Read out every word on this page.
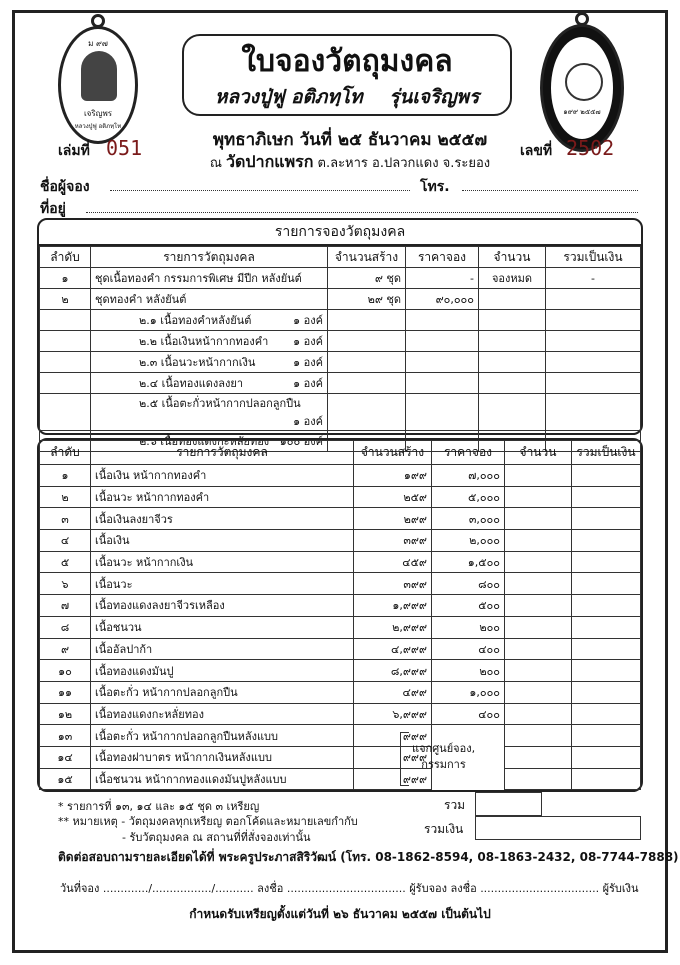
ม ๙๗
เจริญพร
หลวงปู่ฟู อติภทฺโท
๑๙๙ ๒๕๕๗
ใบจองวัตถุมงคล
หลวงปู่ฟู อติภทฺโท รุ่นเจริญพร
เล่มที่ 051	เลขที่ 2502
พุทธาภิเษก วันที่ ๒๕ ธันวาคม ๒๕๕๗
ณ วัดปากแพรก ต.ละหาร อ.ปลวกแดง จ.ระยอง
ชื่อผู้จอง	โทร.
ที่อยู่
รายการจองวัตถุมงคล
ลำดับ	รายการวัตถุมงคล	จำนวนสร้าง	ราคาจอง	จำนวน	รวมเป็นเงิน
๑	ชุดเนื้อทองคำ กรรมการพิเศษ มีปีก หลังยันต์	๙ ชุด	-	จองหมด	-
๒	ชุดทองคำ หลังยันต์	๒๙ ชุด	๙๐,๐๐๐		
	๒.๑ เนื้อทองคำหลังยันต์ ๑ องค์				

	๒.๒ เนื้อเงินหน้ากากทองคำ ๑ องค์				

	๒.๓ เนื้อนวะหน้ากากเงิน ๑ องค์				

	๒.๔ เนื้อทองแดงลงยา ๑ องค์				

	๒.๕ เนื้อตะกั่วหน้ากากปลอกลูกปืน
๑ องค์				

	๒.๖ เนื้อทองแดงกะหลั่ยทอง ๑๐๐ องค์				

ลำดับ	รายการวัตถุมงคล	จำนวนสร้าง	ราคาจอง	จำนวน	รวมเป็นเงิน
๑	เนื้อเงิน หน้ากากทองคำ	๑๙๙	๗,๐๐๐		
๒	เนื้อนวะ หน้ากากทองคำ	๒๕๙	๕,๐๐๐		
๓	เนื้อเงินลงยาจีวร	๒๙๙	๓,๐๐๐		
๔	เนื้อเงิน	๓๙๙	๒,๐๐๐		
๕	เนื้อนวะ หน้ากากเงิน	๔๕๙	๑,๕๐๐		
๖	เนื้อนวะ	๓๙๙	๘๐๐		
๗	เนื้อทองแดงลงยาจีวรเหลือง	๑,๙๙๙	๕๐๐		
๘	เนื้อชนวน	๒,๙๙๙	๒๐๐		
๙	เนื้ออัลปาก้า	๔,๙๙๙	๔๐๐		
๑๐	เนื้อทองแดงมันปู	๘,๙๙๙	๒๐๐		
๑๑	เนื้อตะกั่ว หน้ากากปลอกลูกปืน	๔๙๙	๑,๐๐๐		
๑๒	เนื้อทองแดงกะหลั่ยทอง	๖,๙๙๙	๔๐๐		
๑๓	เนื้อตะกั่ว หน้ากากปลอกลูกปืนหลังแบบ	๙๙๙			
๑๔	เนื้อทองฝาบาตร หน้ากากเงินหลังแบบ	๙๙๙			
๑๕	เนื้อชนวน หน้ากากทองแดงมันปูหลังแบบ	๙๙๙			
แจกศูนย์จอง,
กรรมการ
* รายการที่ ๑๓, ๑๔ และ ๑๕ ชุด ๓ เหรียญ
** หมายเหตุ - วัตถุมงคลทุกเหรียญ ตอกโค้ดและหมายเลขกำกับ
- รับวัตถุมงคล ณ สถานที่ที่สั่งจองเท่านั้น
รวม
รวมเงิน
ติดต่อสอบถามรายละเอียดได้ที่ พระครูประภาสสิริวัฒน์ (โทร. 08-1862-8594, 08-1863-2432, 08-7744-7888)
วันที่จอง ............./................./........... ลงชื่อ .................................. ผู้รับจอง ลงชื่อ .................................. ผู้รับเงิน
กำหนดรับเหรียญตั้งแต่วันที่ ๒๖ ธันวาคม ๒๕๕๗ เป็นต้นไป
